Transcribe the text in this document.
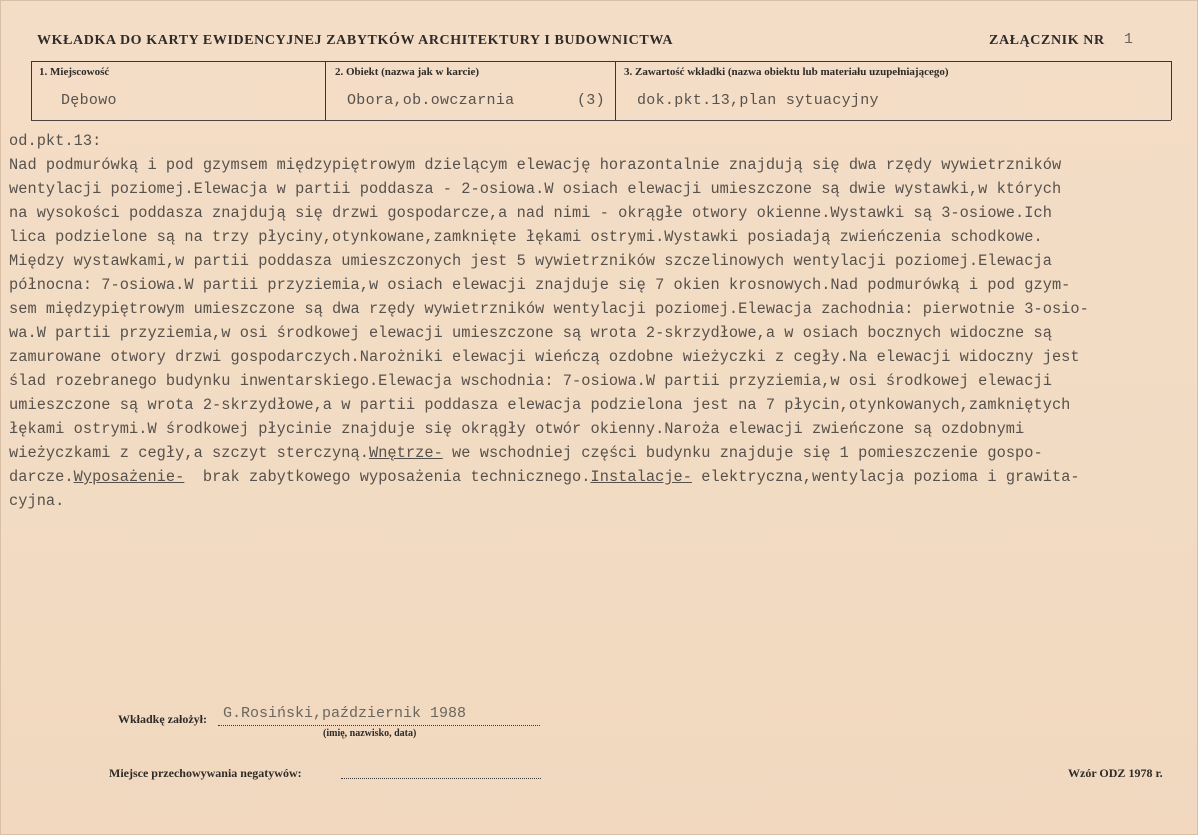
WKŁADKA DO KARTY EWIDENCYJNEJ ZABYTKÓW ARCHITEKTURY I BUDOWNICTWA	ZAŁĄCZNIK NR 1
1. Miejscowość
Dębowo
2. Obiekt (nazwa jak w karcie)
Obora,ob.owczarnia	(3)
3. Zawartość wkładki (nazwa obiektu lub materiału uzupełniającego)
dok.pkt.13,plan sytuacyjny
od.pkt.13:
Nad podmurówką i pod gzymsem międzypiętrowym dzielącym elewację horazontalnie znajdują się dwa rzędy wywietrzników
wentylacji poziomej.Elewacja w partii poddasza - 2-osiowa.W osiach elewacji umieszczone są dwie wystawki,w których
na wysokości poddasza znajdują się drzwi gospodarcze,a nad nimi - okrągłe otwory okienne.Wystawki są 3-osiowe.Ich
lica podzielone są na trzy płyciny,otynkowane,zamknięte łękami ostrymi.Wystawki posiadają zwieńczenia schodkowe.
Między wystawkami,w partii poddasza umieszczonych jest 5 wywietrzników szczelinowych wentylacji poziomej.Elewacja
północna: 7-osiowa.W partii przyziemia,w osiach elewacji znajduje się 7 okien krosnowych.Nad podmurówką i pod gzym-
sem międzypiętrowym umieszczone są dwa rzędy wywietrzników wentylacji poziomej.Elewacja zachodnia: pierwotnie 3-osio-
wa.W partii przyziemia,w osi środkowej elewacji umieszczone są wrota 2-skrzydłowe,a w osiach bocznych widoczne są
zamurowane otwory drzwi gospodarczych.Narożniki elewacji wieńczą ozdobne wieżyczki z cegły.Na elewacji widoczny jest
ślad rozebranego budynku inwentarskiego.Elewacja wschodnia: 7-osiowa.W partii przyziemia,w osi środkowej elewacji
umieszczone są wrota 2-skrzydłowe,a w partii poddasza elewacja podzielona jest na 7 płycin,otynkowanych,zamkniętych
łękami ostrymi.W środkowej płycinie znajduje się okrągły otwór okienny.Naroża elewacji zwieńczone są ozdobnymi
wieżyczkami z cegły,a szczyt sterczyną.Wnętrze- we wschodniej części budynku znajduje się 1 pomieszczenie gospo-
darcze.Wyposażenie-  brak zabytkowego wyposażenia technicznego.Instalacje- elektryczna,wentylacja pozioma i grawita-
cyjna.
Wkładkę założył: G.Rosiński,październik 1988
(imię, nazwisko, data)
Miejsce przechowywania negatywów:	Wzór ODZ 1978 r.
